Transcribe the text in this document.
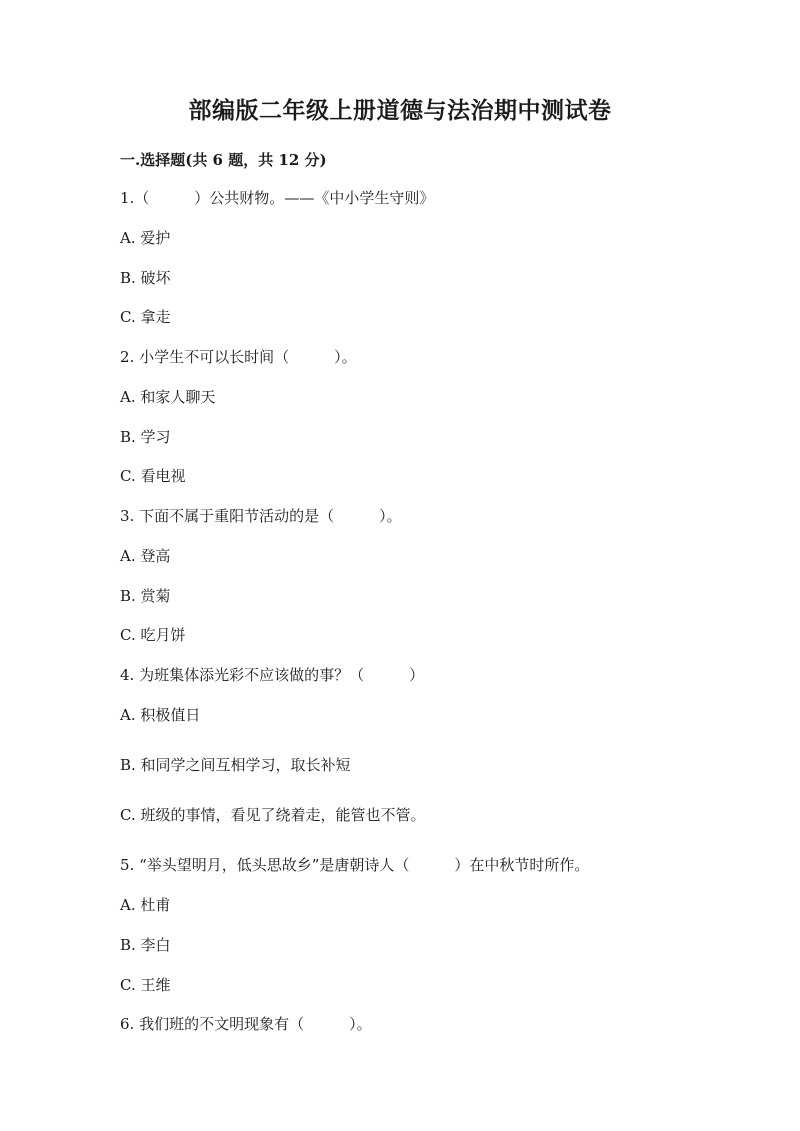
部编版二年级上册道德与法治期中测试卷
一.选择题(共 6 题，共 12 分)
1.（　　　）公共财物。——《中小学生守则》
A. 爱护
B. 破坏
C. 拿走
2. 小学生不可以长时间（　　　）。
A. 和家人聊天
B. 学习
C. 看电视
3. 下面不属于重阳节活动的是（　　　）。
A. 登高
B. 赏菊
C. 吃月饼
4. 为班集体添光彩不应该做的事？（　　　）
A. 积极值日
B. 和同学之间互相学习，取长补短
C. 班级的事情，看见了绕着走，能管也不管。
5. “举头望明月，低头思故乡”是唐朝诗人（　　　）在中秋节时所作。
A. 杜甫
B. 李白
C. 王维
6. 我们班的不文明现象有（　　　）。
